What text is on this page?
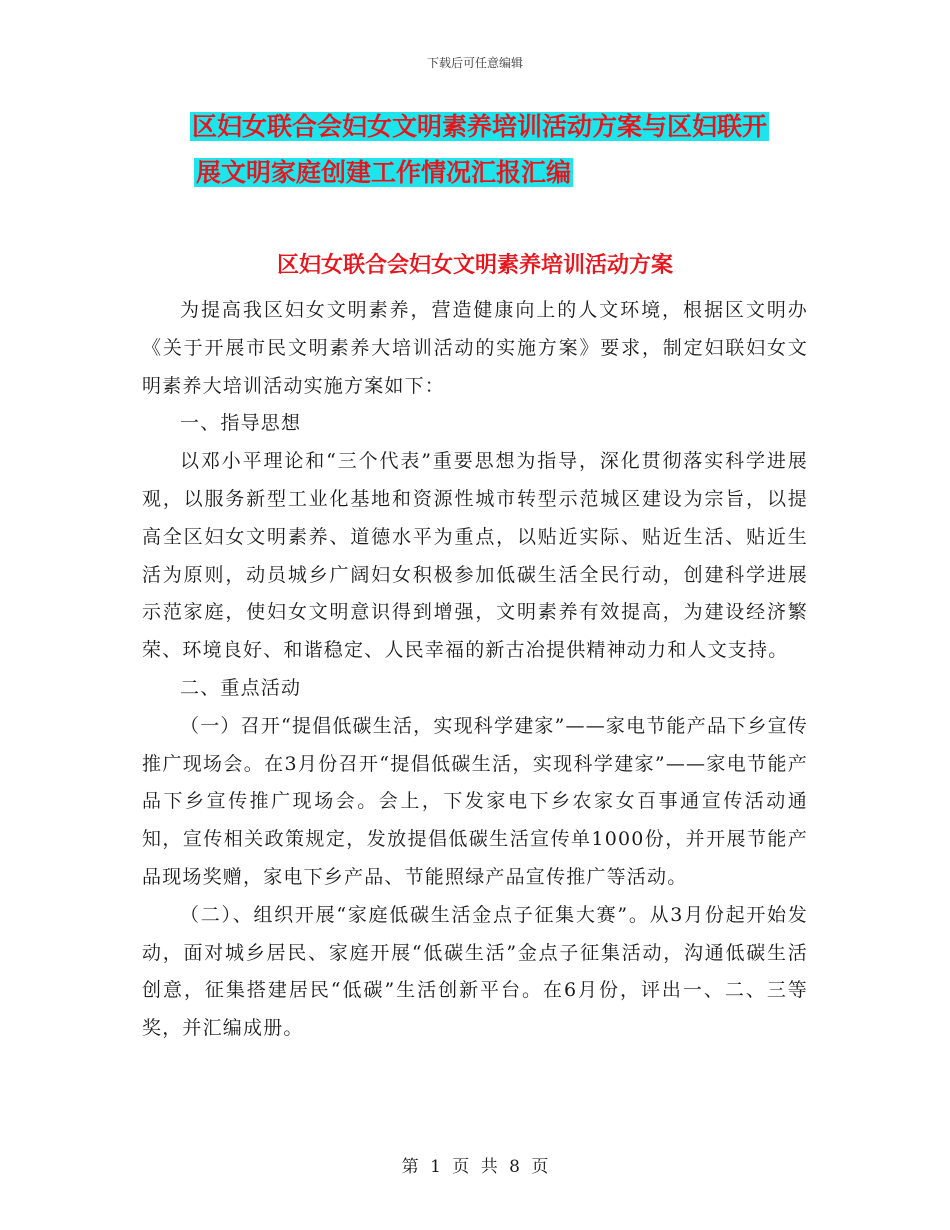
下载后可任意编辑
区妇女联合会妇女文明素养培训活动方案与区妇联开
展文明家庭创建工作情况汇报汇编
区妇女联合会妇女文明素养培训活动方案

为提高我区妇女文明素养，营造健康向上的人文环境，根据区文明办《关于开展市民文明素养大培训活动的实施方案》要求，制定妇联妇女文明素养大培训活动实施方案如下：

一、指导思想

以邓小平理论和“三个代表”重要思想为指导，深化贯彻落实科学进展观，以服务新型工业化基地和资源性城市转型示范城区建设为宗旨，以提高全区妇女文明素养、道德水平为重点，以贴近实际、贴近生活、贴近生活为原则，动员城乡广阔妇女积极参加低碳生活全民行动，创建科学进展示范家庭，使妇女文明意识得到增强，文明素养有效提高，为建设经济繁荣、环境良好、和谐稳定、人民幸福的新古冶提供精神动力和人文支持。

二、重点活动

（一）召开“提倡低碳生活，实现科学建家”——家电节能产品下乡宣传推广现场会。在3月份召开“提倡低碳生活，实现科学建家”——家电节能产品下乡宣传推广现场会。会上，下发家电下乡农家女百事通宣传活动通知，宣传相关政策规定，发放提倡低碳生活宣传单1000份，并开展节能产品现场奖赠，家电下乡产品、节能照绿产品宣传推广等活动。

（二）、组织开展“家庭低碳生活金点子征集大赛”。从3月份起开始发动，面对城乡居民、家庭开展“低碳生活”金点子征集活动，沟通低碳生活创意，征集搭建居民“低碳”生活创新平台。在6月份，评出一、二、三等奖，并汇编成册。

第 1 页 共 8 页
